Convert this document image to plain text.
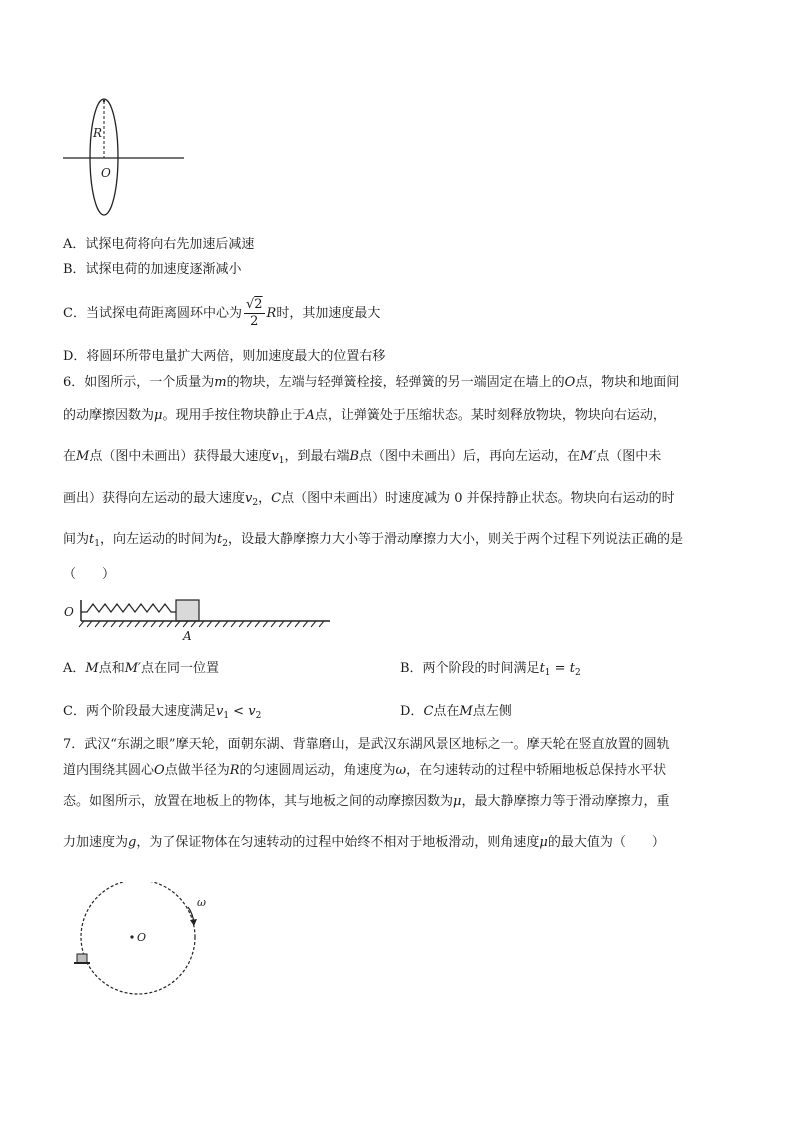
R
O
A．试探电荷将向右先加速后减速
B．试探电荷的加速度逐渐减小
C．当试探电荷距离圆环中心为 $\frac{√2}{2}$ R时，其加速度最大
D．将圆环所带电量扩大两倍，则加速度最大的位置右移
6．如图所示，一个质量为m的物块，左端与轻弹簧栓接，轻弹簧的另一端固定在墙上的O点，物块和地面间
的动摩擦因数为μ。现用手按住物块静止于A点，让弹簧处于压缩状态。某时刻释放物块，物块向右运动，
在M点（图中未画出）获得最大速度$v_1$，到最右端B点（图中未画出）后，再向左运动，在M′点（图中未
画出）获得向左运动的最大速度$v_2$，C点（图中未画出）时速度减为 0 并保持静止状态。物块向右运动的时
间为$t_1$，向左运动的时间为$t_2$，设最大静摩擦力大小等于滑动摩擦力大小，则关于两个过程下列说法正确的是
（　　）
O
A
A．M点和M′点在同一位置	B．两个阶段的时间满足$t_1 = t_2$
C．两个阶段最大速度满足$v_1 < v_2$	D．C点在M点左侧
7．武汉“东湖之眼”摩天轮，面朝东湖、背靠磨山，是武汉东湖风景区地标之一。摩天轮在竖直放置的圆轨
道内围绕其圆心O点做半径为R的匀速圆周运动，角速度为ω，在匀速转动的过程中轿厢地板总保持水平状
态。如图所示，放置在地板上的物体，其与地板之间的动摩擦因数为μ，最大静摩擦力等于滑动摩擦力，重
力加速度为g，为了保证物体在匀速转动的过程中始终不相对于地板滑动，则角速度μ的最大值为（　　）
O
ω
